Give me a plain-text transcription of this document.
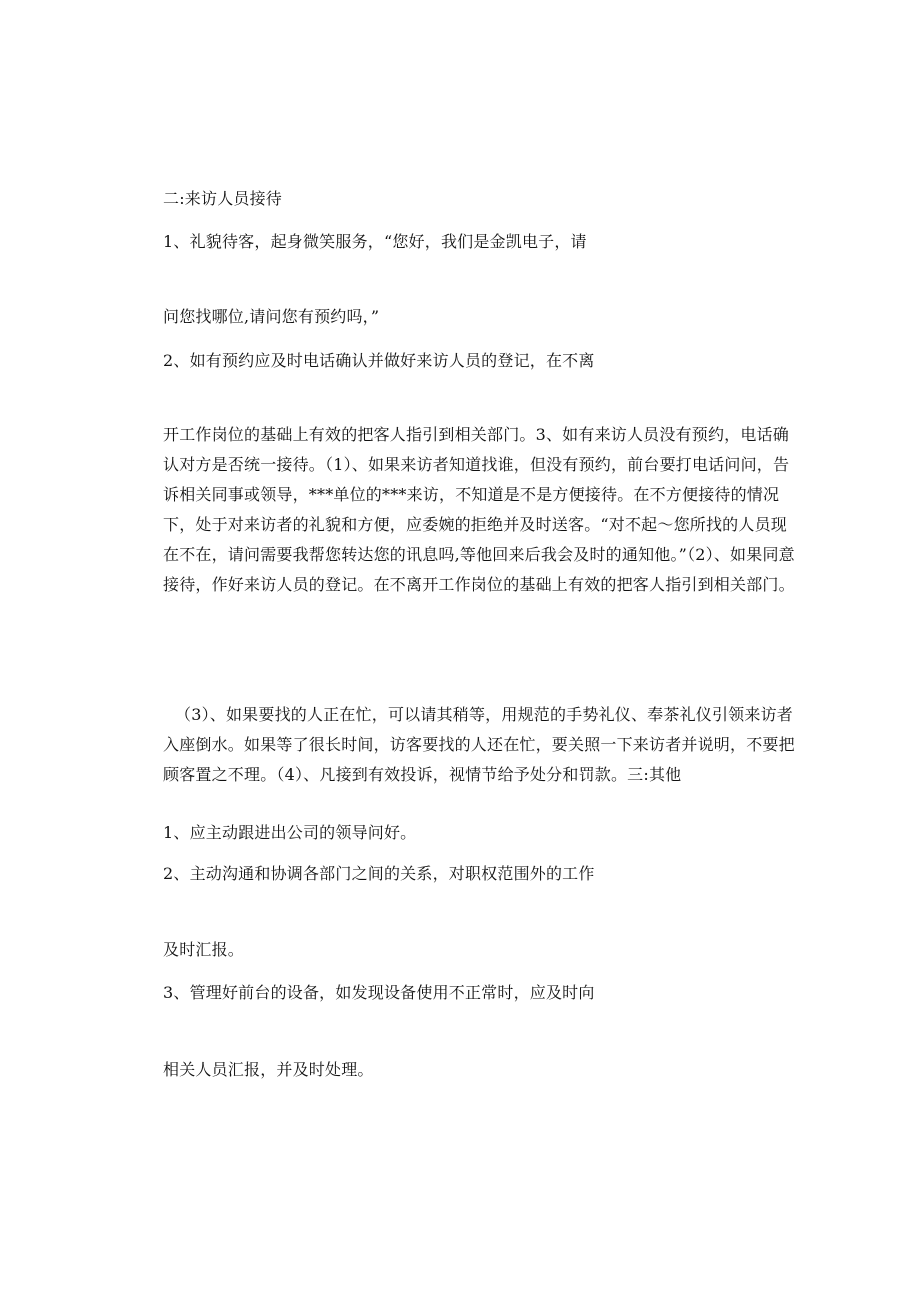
二:来访人员接待
1、礼貌待客，起身微笑服务，“您好，我们是金凯电子，请
问您找哪位,请问您有预约吗，”
2、如有预约应及时电话确认并做好来访人员的登记，在不离

开工作岗位的基础上有效的把客人指引到相关部门。3、如有来访人员没有预约，电话确认对方是否统一接待。（1）、如果来访者知道找谁，但没有预约，前台要打电话问问，告诉相关同事或领导，***单位的***来访，不知道是不是方便接待。在不方便接待的情况下，处于对来访者的礼貌和方便，应委婉的拒绝并及时送客。“对不起～您所找的人员现在不在，请问需要我帮您转达您的讯息吗,等他回来后我会及时的通知他。”（2）、如果同意接待，作好来访人员的登记。在不离开工作岗位的基础上有效的把客人指引到相关部门。

（3）、如果要找的人正在忙，可以请其稍等，用规范的手势礼仪、奉茶礼仪引领来访者入座倒水。如果等了很长时间，访客要找的人还在忙，要关照一下来访者并说明，不要把顾客置之不理。（4）、凡接到有效投诉，视情节给予处分和罚款。三:其他

1、应主动跟进出公司的领导问好。
2、主动沟通和协调各部门之间的关系，对职权范围外的工作
及时汇报。
3、管理好前台的设备，如发现设备使用不正常时，应及时向
相关人员汇报，并及时处理。
